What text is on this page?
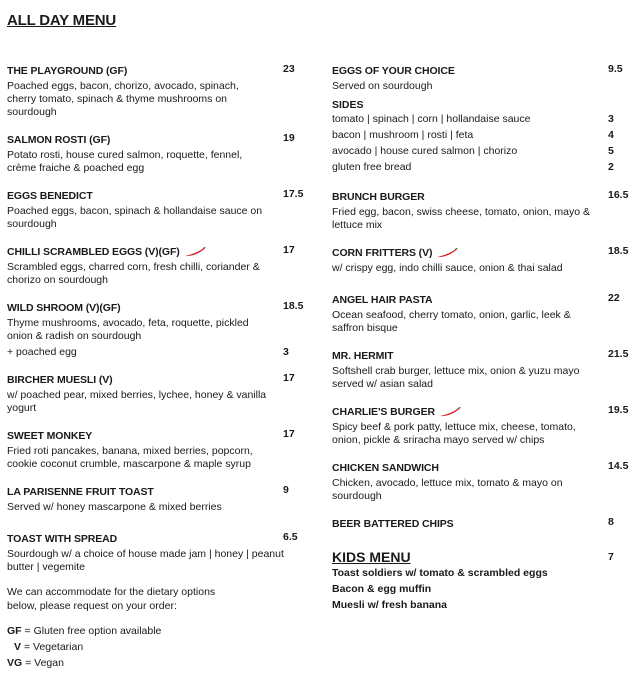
ALL DAY MENU
THE PLAYGROUND (GF)	23
Poached eggs, bacon, chorizo, avocado, spinach, cherry tomato, spinach & thyme mushrooms on sourdough
SALMON ROSTI (GF)	19
Potato rosti, house cured salmon, roquette, fennel, crème fraiche & poached egg
EGGS BENEDICT	17.5
Poached eggs, bacon, spinach & hollandaise sauce on sourdough
CHILLI SCRAMBLED EGGS (V)(GF)	17
Scrambled eggs, charred corn, fresh chilli, coriander & chorizo on sourdough
WILD SHROOM (V)(GF)	18.5
Thyme mushrooms, avocado, feta, roquette, pickled onion & radish on sourdough
+ poached egg	3
BIRCHER MUESLI (V)	17
w/ poached pear, mixed berries, lychee, honey & vanilla yogurt
SWEET MONKEY	17
Fried roti pancakes, banana, mixed berries, popcorn, cookie coconut crumble, mascarpone & maple syrup
LA PARISENNE FRUIT TOAST	9
Served w/ honey mascarpone & mixed berries
TOAST WITH SPREAD	6.5
Sourdough w/ a choice of house made jam | honey | peanut butter | vegemite
We can accommodate for the dietary options below, please request on your order:
GF = Gluten free option available
V = Vegetarian
VG = Vegan
EGGS OF YOUR CHOICE	9.5
Served on sourdough
SIDES
tomato | spinach | corn | hollandaise sauce	3
bacon | mushroom | rosti | feta	4
avocado | house cured salmon | chorizo	5
gluten free bread	2
BRUNCH BURGER	16.5
Fried egg, bacon, swiss cheese, tomato, onion, mayo & lettuce mix
CORN FRITTERS (V)	18.5
w/ crispy egg, indo chilli sauce, onion & thai salad
ANGEL HAIR PASTA	22
Ocean seafood, cherry tomato, onion, garlic, leek & saffron bisque
MR. HERMIT	21.5
Softshell crab burger, lettuce mix, onion & yuzu mayo served w/ asian salad
CHARLIE'S BURGER	19.5
Spicy beef & pork patty, lettuce mix, cheese, tomato, onion, pickle & sriracha mayo served w/ chips
CHICKEN SANDWICH	14.5
Chicken, avocado, lettuce mix, tomato & mayo on sourdough
BEER BATTERED CHIPS	8
KIDS MENU	7
Toast soldiers w/ tomato & scrambled eggs
Bacon & egg muffin
Muesli w/ fresh banana
